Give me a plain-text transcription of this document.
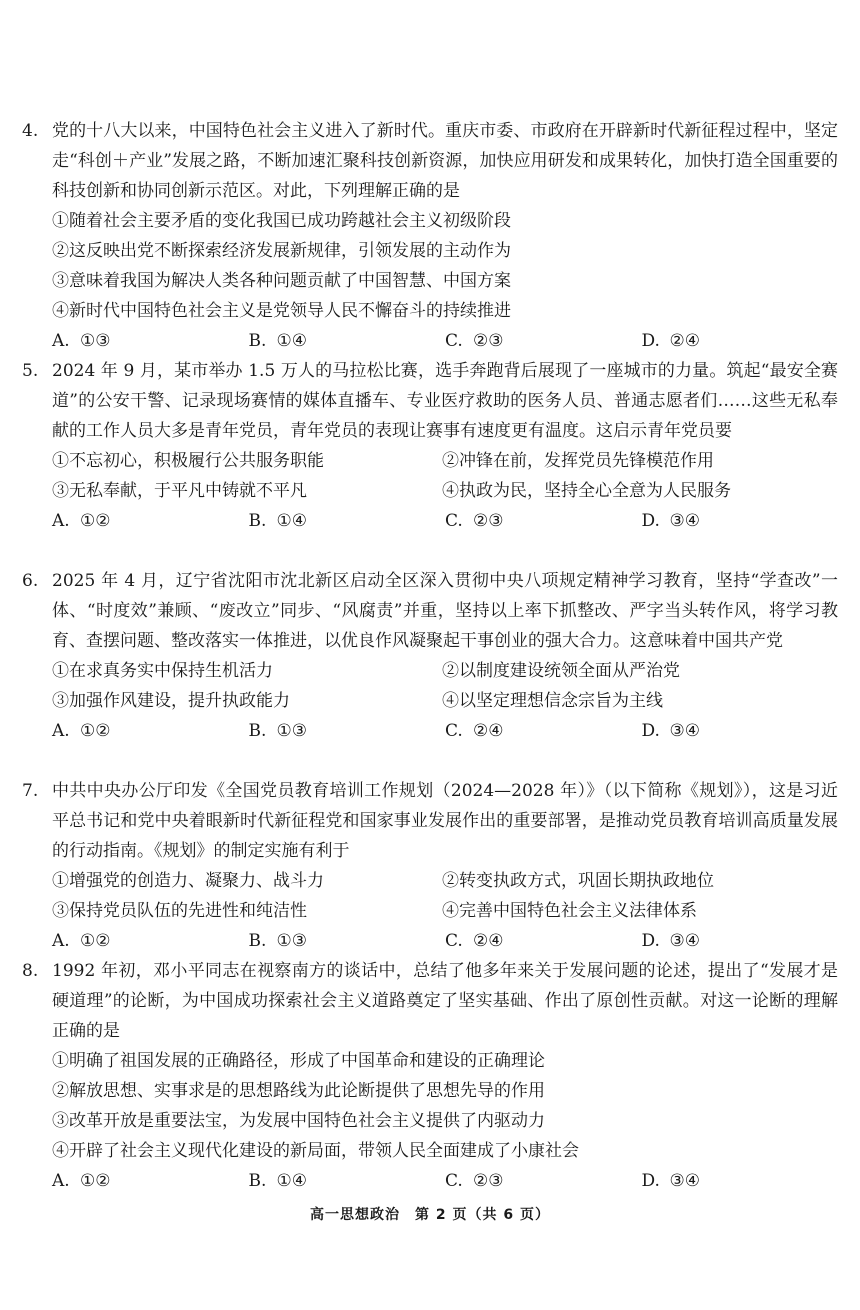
4. 党的十八大以来，中国特色社会主义进入了新时代。重庆市委、市政府在开辟新时代新征程过程中，坚定走“科创＋产业”发展之路，不断加速汇聚科技创新资源，加快应用研发和成果转化，加快打造全国重要的科技创新和协同创新示范区。对此，下列理解正确的是
①随着社会主要矛盾的变化我国已成功跨越社会主义初级阶段
②这反映出党不断探索经济发展新规律，引领发展的主动作为
③意味着我国为解决人类各种问题贡献了中国智慧、中国方案
④新时代中国特色社会主义是党领导人民不懈奋斗的持续推进
A. ①③	B. ①④	C. ②③	D. ②④
5. 2024 年 9 月，某市举办 1.5 万人的马拉松比赛，选手奔跑背后展现了一座城市的力量。筑起“最安全赛道”的公安干警、记录现场赛情的媒体直播车、专业医疗救助的医务人员、普通志愿者们……这些无私奉献的工作人员大多是青年党员，青年党员的表现让赛事有速度更有温度。这启示青年党员要
①不忘初心，积极履行公共服务职能	②冲锋在前，发挥党员先锋模范作用
③无私奉献，于平凡中铸就不平凡	④执政为民，坚持全心全意为人民服务
A. ①②	B. ①④	C. ②③	D. ③④
6. 2025 年 4 月，辽宁省沈阳市沈北新区启动全区深入贯彻中央八项规定精神学习教育，坚持“学查改”一体、“时度效”兼顾、“废改立”同步、“风腐责”并重，坚持以上率下抓整改、严字当头转作风，将学习教育、查摆问题、整改落实一体推进，以优良作风凝聚起干事创业的强大合力。这意味着中国共产党
①在求真务实中保持生机活力	②以制度建设统领全面从严治党
③加强作风建设，提升执政能力	④以坚定理想信念宗旨为主线
A. ①②	B. ①③	C. ②④	D. ③④
7. 中共中央办公厅印发《全国党员教育培训工作规划（2024—2028 年）》（以下简称《规划》），这是习近平总书记和党中央着眼新时代新征程党和国家事业发展作出的重要部署，是推动党员教育培训高质量发展的行动指南。《规划》的制定实施有利于
①增强党的创造力、凝聚力、战斗力	②转变执政方式，巩固长期执政地位
③保持党员队伍的先进性和纯洁性	④完善中国特色社会主义法律体系
A. ①②	B. ①③	C. ②④	D. ③④
8. 1992 年初，邓小平同志在视察南方的谈话中，总结了他多年来关于发展问题的论述，提出了“发展才是硬道理”的论断，为中国成功探索社会主义道路奠定了坚实基础、作出了原创性贡献。对这一论断的理解正确的是
①明确了祖国发展的正确路径，形成了中国革命和建设的正确理论
②解放思想、实事求是的思想路线为此论断提供了思想先导的作用
③改革开放是重要法宝，为发展中国特色社会主义提供了内驱动力
④开辟了社会主义现代化建设的新局面，带领人民全面建成了小康社会
A. ①②	B. ①④	C. ②③	D. ③④
高一思想政治　第 2 页（共 6 页）
